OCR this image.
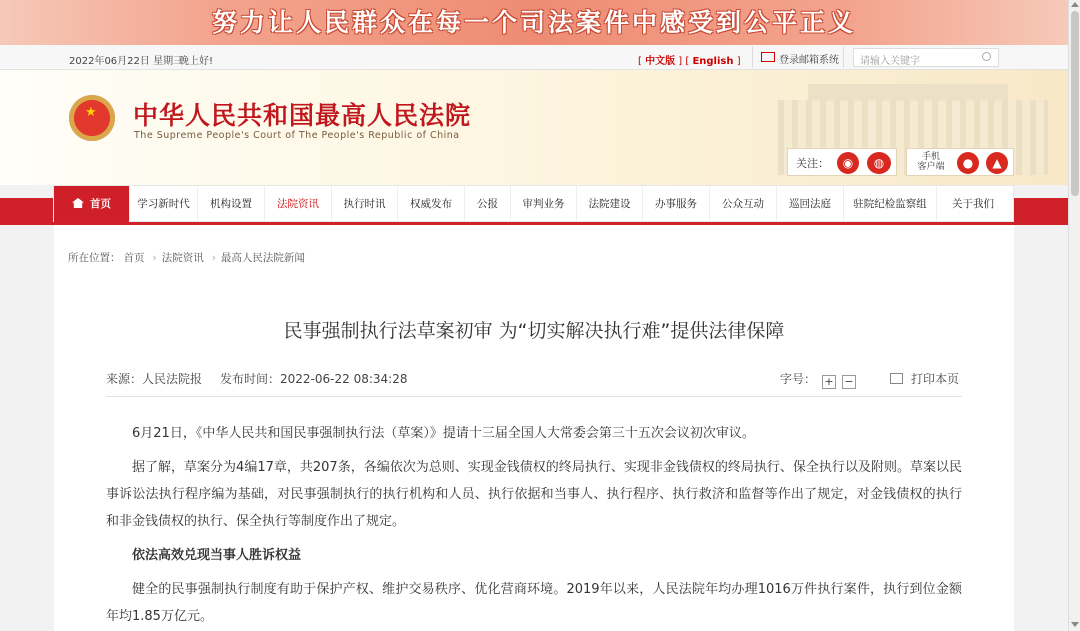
努力让人民群众在每一个司法案件中感受到公平正义
2022年06月22日 星期三
晚上好!	[ 中文版 ] [ English ]	登录邮箱系统	请输入关键字
★ 中华人民共和国最高人民法院
The Supreme People's Court of The People's Republic of China
关注：	◉	◍	手机
客户端	●	▲
首页	学习新时代	机构设置	法院资讯	执行时讯	权威发布	公报	审判业务	法院建设	办事服务	公众互动	巡回法庭	驻院纪检监察组	关于我们
所在位置： 首页 › 法院资讯 › 最高人民法院新闻
民事强制执行法草案初审 为“切实解决执行难”提供法律保障
来源：人民法院报 发布时间：2022-06-22 08:34:28	字号： + −	打印本页

6月21日，《中华人民共和国民事强制执行法（草案）》提请十三届全国人大常委会第三十五次会议初次审议。

据了解，草案分为4编17章，共207条，各编依次为总则、实现金钱债权的终局执行、实现非金钱债权的终局执行、保全执行以及附则。草案以民事诉讼法执行程序编为基础，对民事强制执行的执行机构和人员、执行依据和当事人、执行程序、执行救济和监督等作出了规定，对金钱债权的执行和非金钱债权的执行、保全执行等制度作出了规定。

依法高效兑现当事人胜诉权益

健全的民事强制执行制度有助于保护产权、维护交易秩序、优化营商环境。2019年以来，人民法院年均办理1016万件执行案件，执行到位金额年均1.85万亿元。
